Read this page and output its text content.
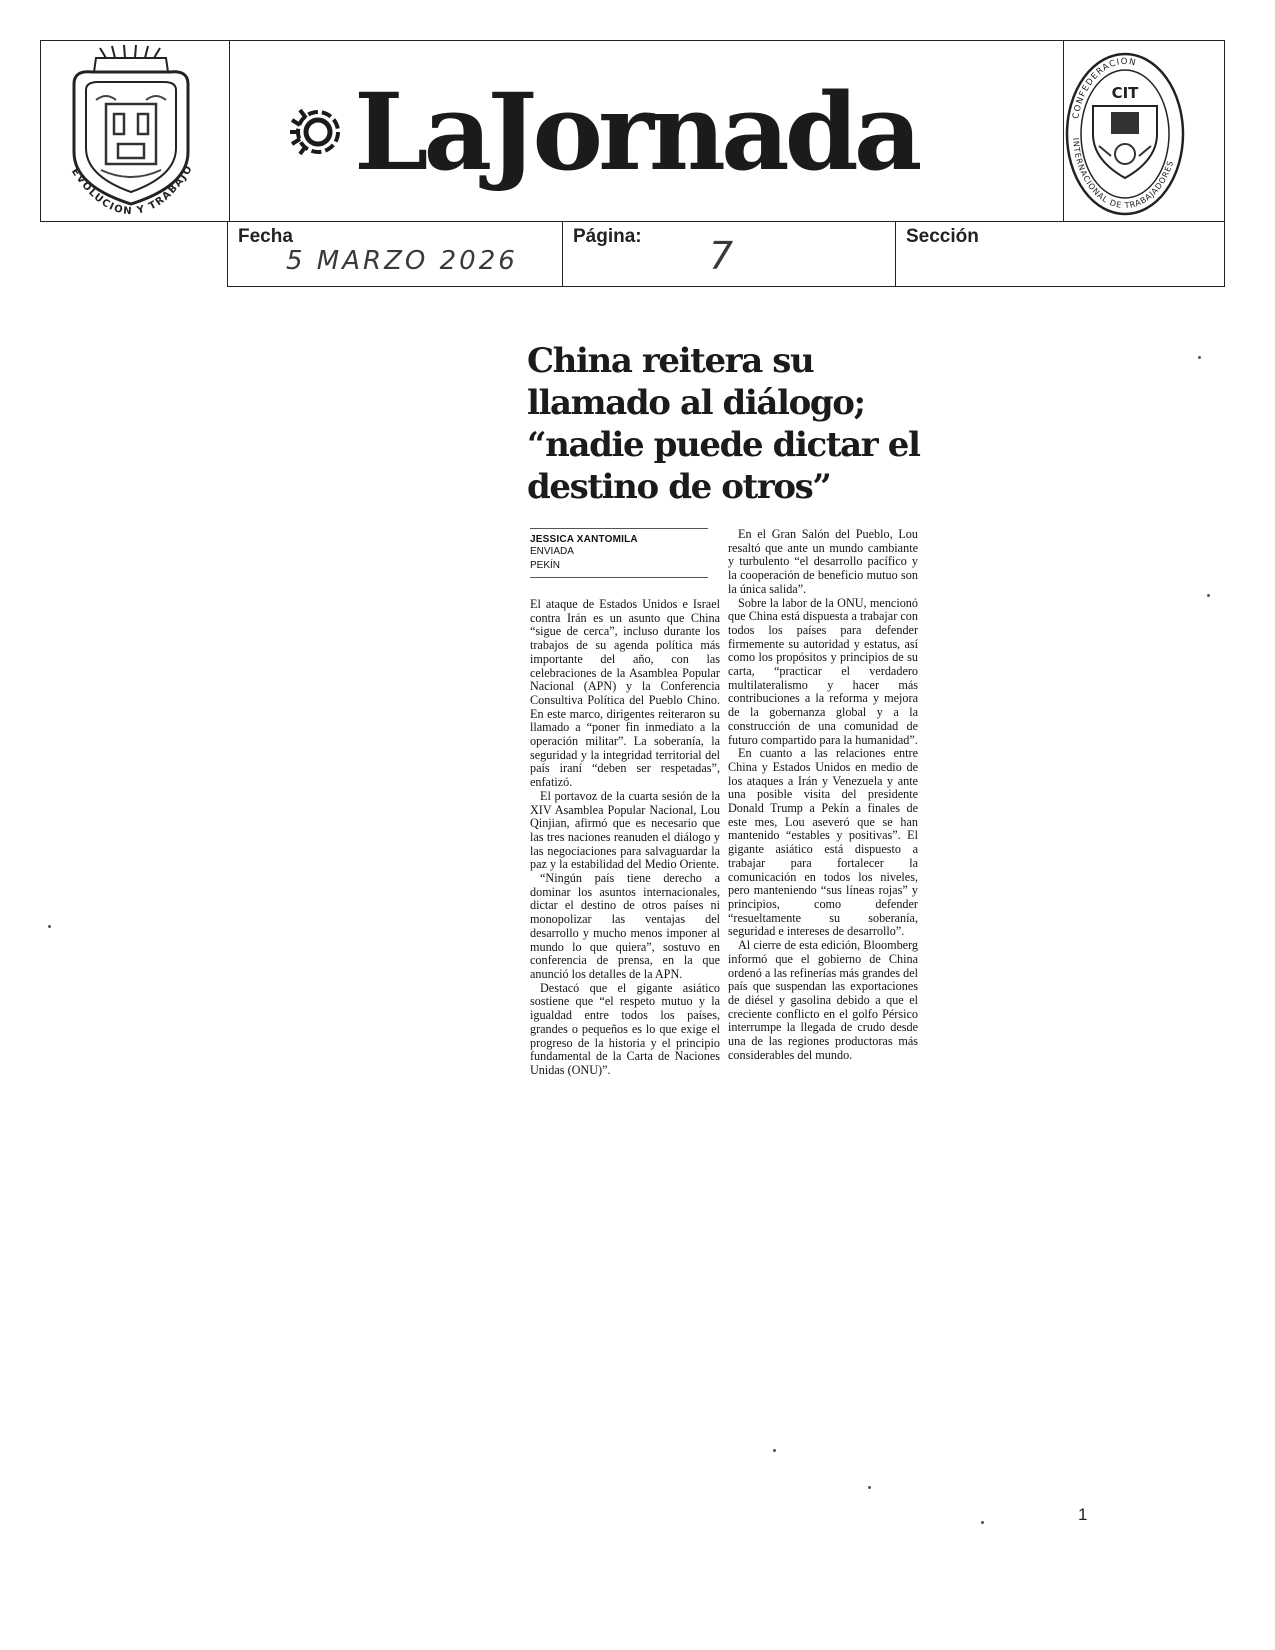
EVOLUCION Y TRABAJO
CONFEDERACION
INTERNACIONAL DE TRABAJADORES
CIT
LaJornada
Fecha
5 MARZO 2026
Página: 7	Sección
China reitera su llamado al diálogo; “nadie puede dictar el destino de otros”
JESSICA XANTOMILA
ENVIADA
PEKÍN

El ataque de Estados Unidos e Israel contra Irán es un asunto que China “sigue de cerca”, incluso durante los trabajos de su agenda política más importante del año, con las celebraciones de la Asamblea Popular Nacional (APN) y la Conferencia Consultiva Política del Pueblo Chino. En este marco, dirigentes reiteraron su llamado a “poner fin inmediato a la operación militar”. La soberanía, la seguridad y la integridad territorial del país iraní “deben ser respetadas”, enfatizó.

El portavoz de la cuarta sesión de la XIV Asamblea Popular Nacional, Lou Qinjian, afirmó que es necesario que las tres naciones reanuden el diálogo y las negociaciones para salvaguardar la paz y la estabilidad del Medio Oriente.

“Ningún país tiene derecho a dominar los asuntos internacionales, dictar el destino de otros países ni monopolizar las ventajas del desarrollo y mucho menos imponer al mundo lo que quiera”, sostuvo en conferencia de prensa, en la que anunció los detalles de la APN.

Destacó que el gigante asiático sostiene que “el respeto mutuo y la igualdad entre todos los países, grandes o pequeños es lo que exige el progreso de la historia y el principio fundamental de la Carta de Naciones Unidas (ONU)”.

En el Gran Salón del Pueblo, Lou resaltó que ante un mundo cambiante y turbulento “el desarrollo pacífico y la cooperación de beneficio mutuo son la única salida”.

Sobre la labor de la ONU, mencionó que China está dispuesta a trabajar con todos los países para defender firmemente su autoridad y estatus, así como los propósitos y principios de su carta, “practicar el verdadero multilateralismo y hacer más contribuciones a la reforma y mejora de la gobernanza global y a la construcción de una comunidad de futuro compartido para la humanidad”.

En cuanto a las relaciones entre China y Estados Unidos en medio de los ataques a Irán y Venezuela y ante una posible visita del presidente Donald Trump a Pekín a finales de este mes, Lou aseveró que se han mantenido “estables y positivas”. El gigante asiático está dispuesto a trabajar para fortalecer la comunicación en todos los niveles, pero manteniendo “sus líneas rojas” y principios, como defender “resueltamente su soberanía, seguridad e intereses de desarrollo”.

Al cierre de esta edición, Bloomberg informó que el gobierno de China ordenó a las refinerías más grandes del país que suspendan las exportaciones de diésel y gasolina debido a que el creciente conflicto en el golfo Pérsico interrumpe la llegada de crudo desde una de las regiones productoras más considerables del mundo.

1
